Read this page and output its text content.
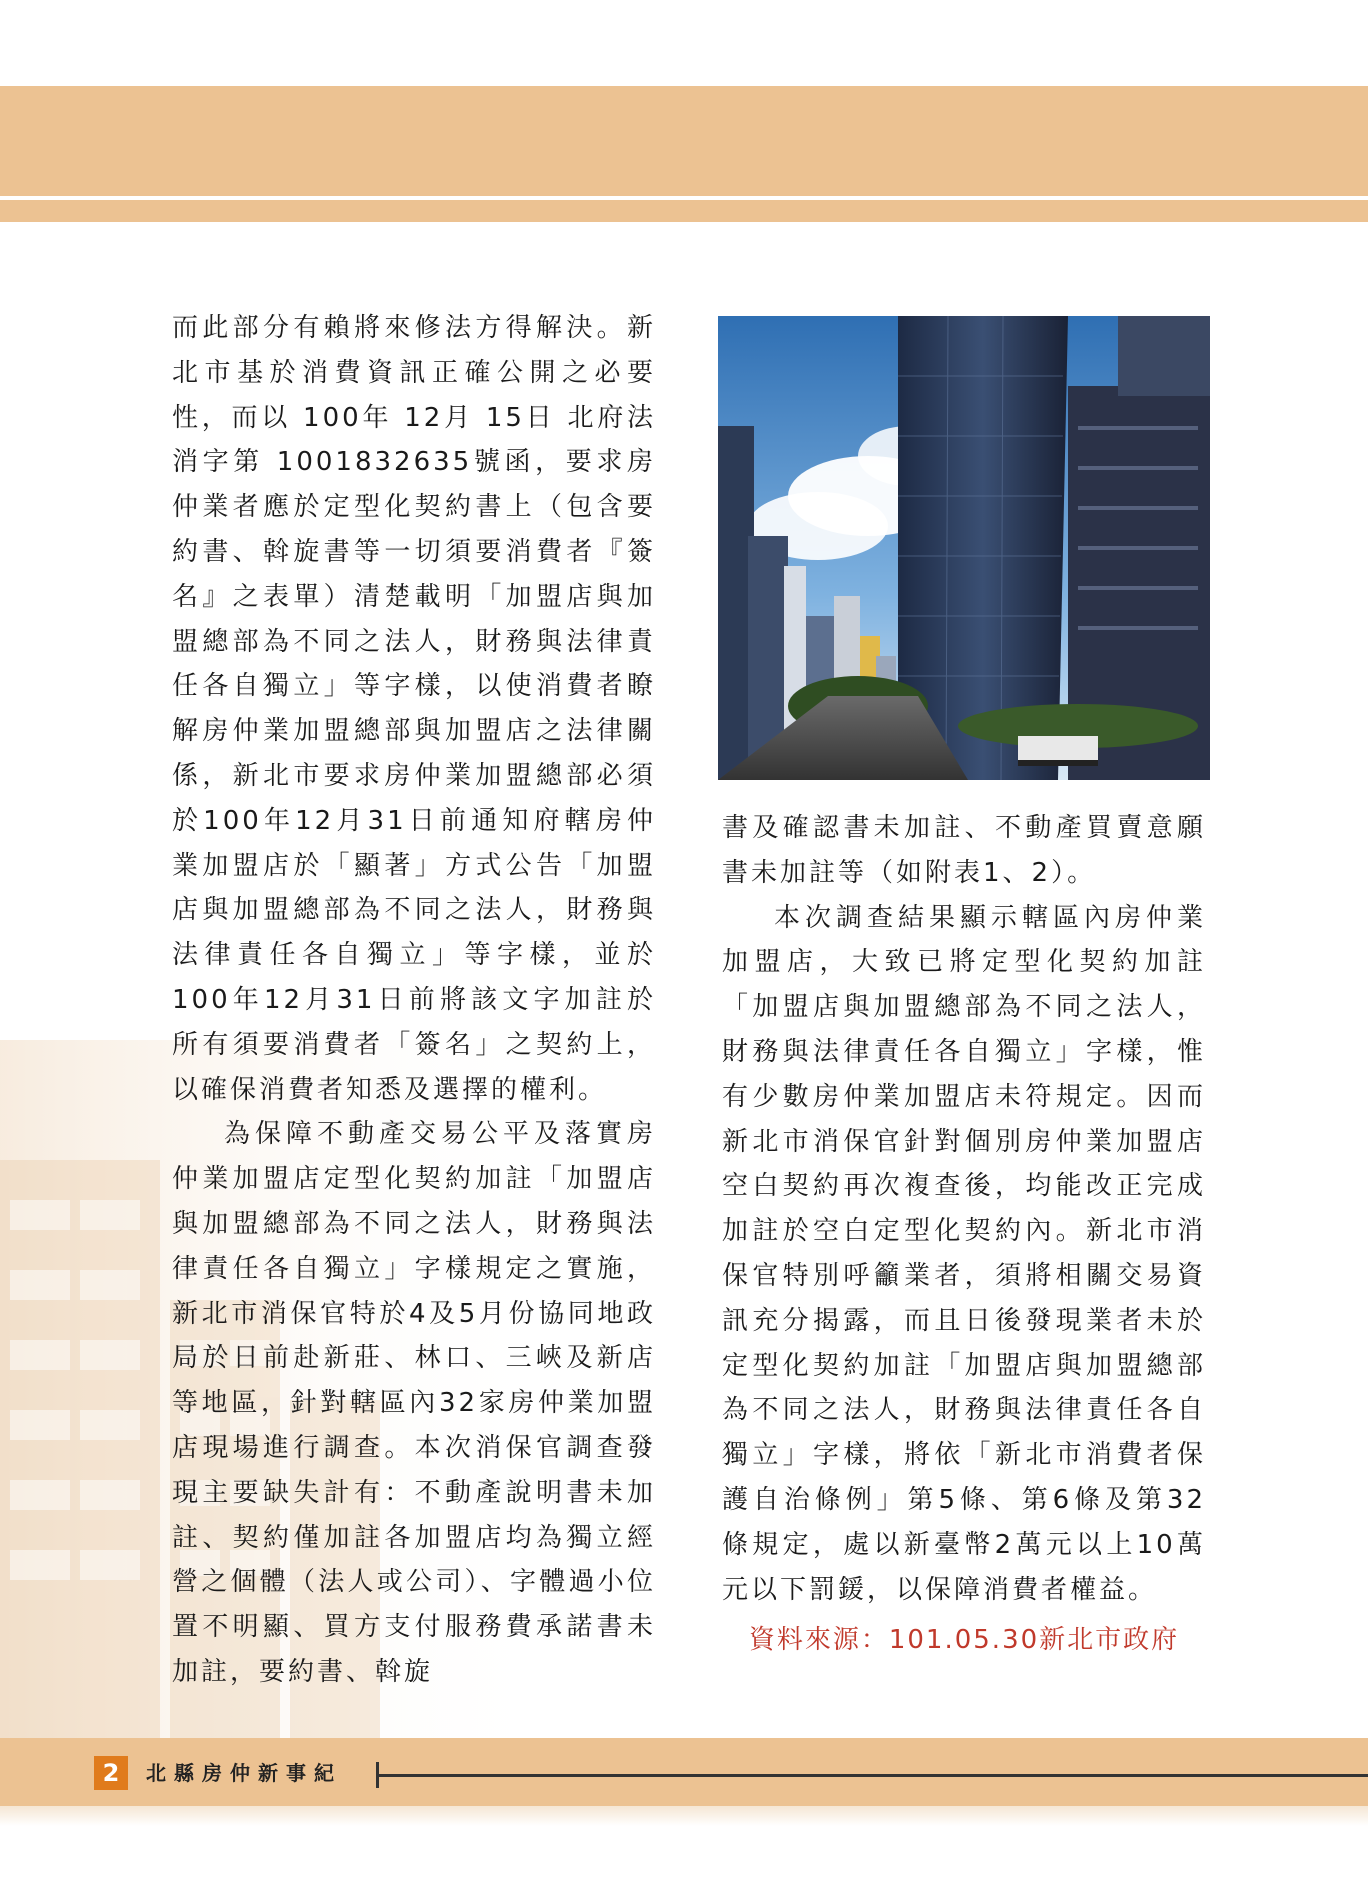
而此部分有賴將來修法方得解決。新北市基於消費資訊正確公開之必要性，而以 100年 12月 15日 北府法消字第 1001832635號函，要求房仲業者應於定型化契約書上（包含要約書、斡旋書等一切須要消費者『簽名』之表單）清楚載明「加盟店與加盟總部為不同之法人，財務與法律責任各自獨立」等字樣，以使消費者瞭解房仲業加盟總部與加盟店之法律關係，新北市要求房仲業加盟總部必須於100年12月31日前通知府轄房仲業加盟店於「顯著」方式公告「加盟店與加盟總部為不同之法人，財務與法律責任各自獨立」等字樣，並於100年12月31日前將該文字加註於所有須要消費者「簽名」之契約上，以確保消費者知悉及選擇的權利。

為保障不動產交易公平及落實房仲業加盟店定型化契約加註「加盟店與加盟總部為不同之法人，財務與法律責任各自獨立」字樣規定之實施，新北市消保官特於4及5月份協同地政局於日前赴新莊、林口、三峽及新店等地區，針對轄區內32家房仲業加盟店現場進行調查。本次消保官調查發現主要缺失計有：不動產說明書未加註、契約僅加註各加盟店均為獨立經營之個體（法人或公司）、字體過小位置不明顯、買方支付服務費承諾書未加註，要約書、斡旋

書及確認書未加註、不動產買賣意願書未加註等（如附表1、2）。

本次調查結果顯示轄區內房仲業加盟店，大致已將定型化契約加註「加盟店與加盟總部為不同之法人，財務與法律責任各自獨立」字樣，惟有少數房仲業加盟店未符規定。因而新北市消保官針對個別房仲業加盟店空白契約再次複查後，均能改正完成加註於空白定型化契約內。新北市消保官特別呼籲業者，須將相關交易資訊充分揭露，而且日後發現業者未於定型化契約加註「加盟店與加盟總部為不同之法人，財務與法律責任各自獨立」字樣，將依「新北市消費者保護自治條例」第5條、第6條及第32條規定，處以新臺幣2萬元以上10萬元以下罰鍰，以保障消費者權益。

資料來源：101.05.30新北市政府

2	北縣房仲新事紀
